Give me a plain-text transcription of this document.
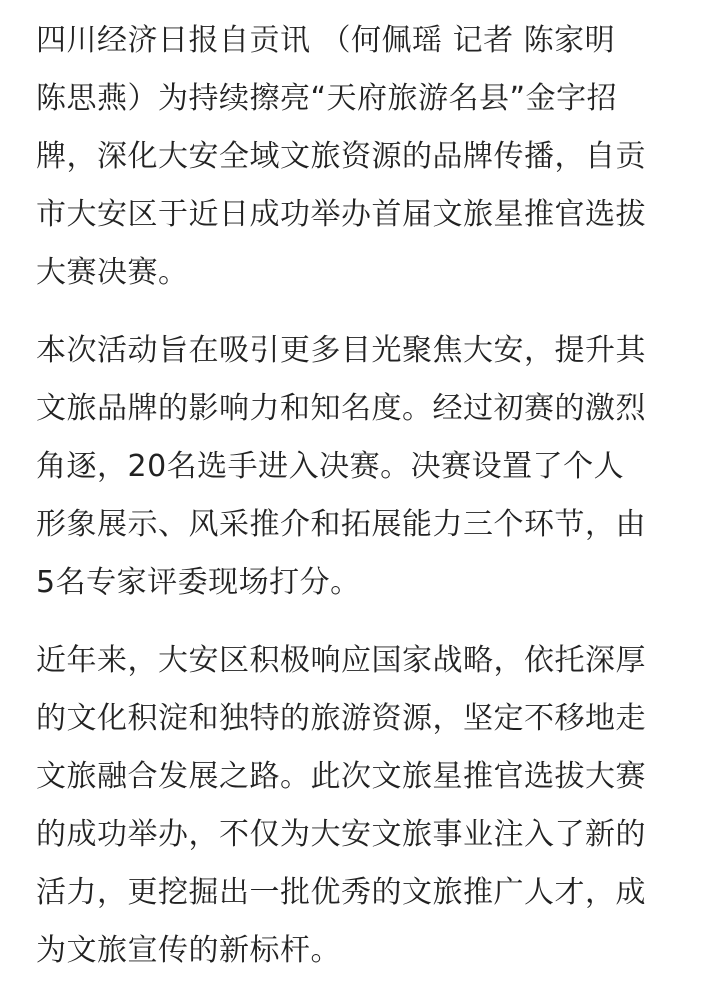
四川经济日报自贡讯 （何佩瑶 记者 陈家明
陈思燕）为持续擦亮“天府旅游名县”金字招
牌，深化大安全域文旅资源的品牌传播，自贡
市大安区于近日成功举办首届文旅星推官选拔
大赛决赛。

本次活动旨在吸引更多目光聚焦大安，提升其
文旅品牌的影响力和知名度。经过初赛的激烈
角逐，20名选手进入决赛。决赛设置了个人
形象展示、风采推介和拓展能力三个环节，由
5名专家评委现场打分。

近年来，大安区积极响应国家战略，依托深厚
的文化积淀和独特的旅游资源，坚定不移地走
文旅融合发展之路。此次文旅星推官选拔大赛
的成功举办，不仅为大安文旅事业注入了新的
活力，更挖掘出一批优秀的文旅推广人才，成
为文旅宣传的新标杆。
